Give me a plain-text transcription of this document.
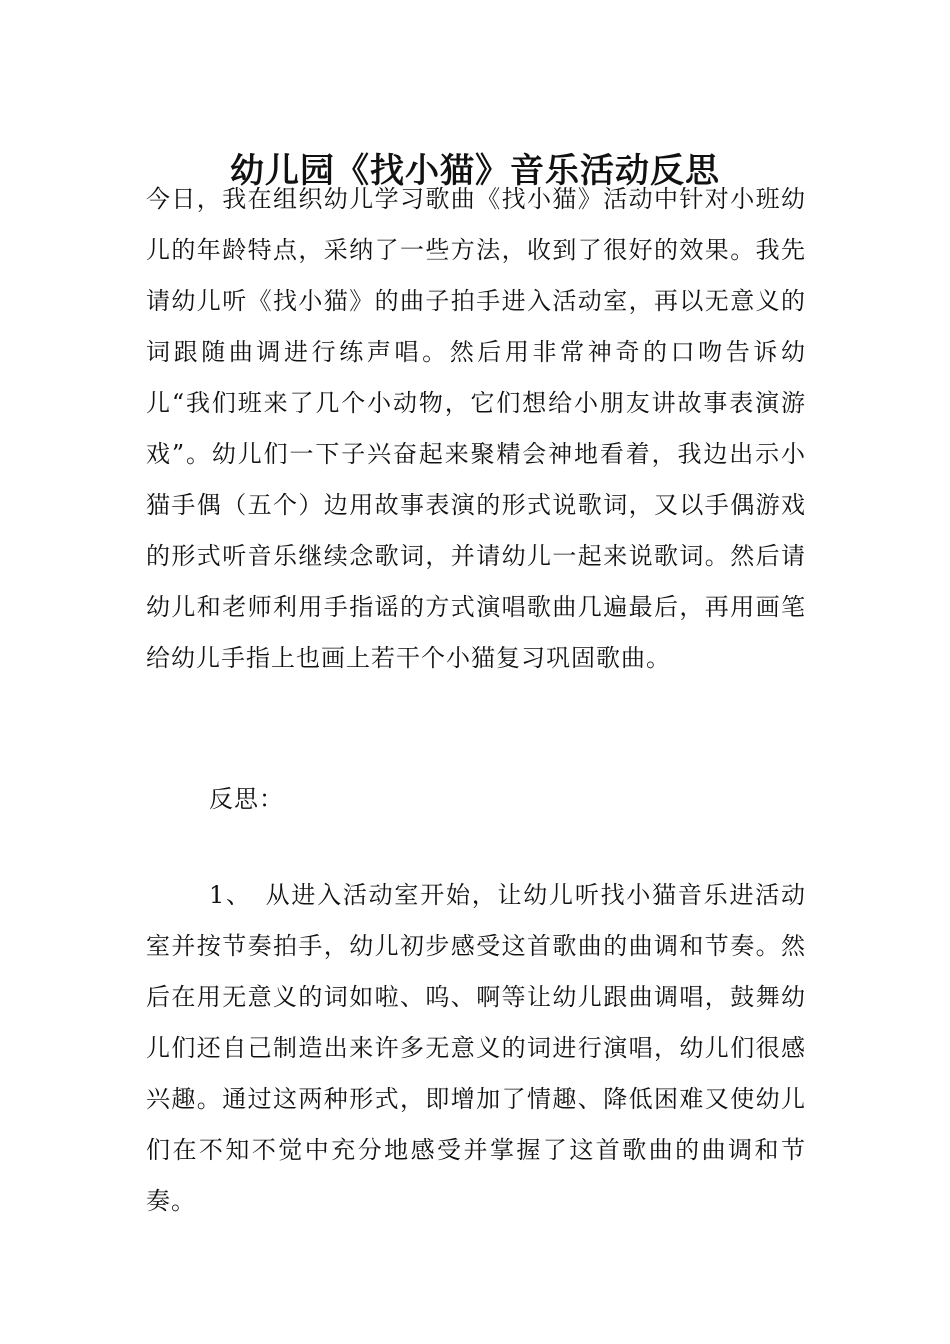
幼儿园《找小猫》音乐活动反思

今日，我在组织幼儿学习歌曲《找小猫》活动中针对小班幼儿的年龄特点，采纳了一些方法，收到了很好的效果。我先请幼儿听《找小猫》的曲子拍手进入活动室，再以无意义的词跟随曲调进行练声唱。然后用非常神奇的口吻告诉幼儿“我们班来了几个小动物，它们想给小朋友讲故事表演游戏”。幼儿们一下子兴奋起来聚精会神地看着，我边出示小猫手偶（五个）边用故事表演的形式说歌词，又以手偶游戏的形式听音乐继续念歌词，并请幼儿一起来说歌词。然后请幼儿和老师利用手指谣的方式演唱歌曲几遍最后，再用画笔给幼儿手指上也画上若干个小猫复习巩固歌曲。

反思：

1、　从进入活动室开始，让幼儿听找小猫音乐进活动室并按节奏拍手，幼儿初步感受这首歌曲的曲调和节奏。然后在用无意义的词如啦、呜、啊等让幼儿跟曲调唱，鼓舞幼儿们还自己制造出来许多无意义的词进行演唱，幼儿们很感兴趣。通过这两种形式，即增加了情趣、降低困难又使幼儿们在不知不觉中充分地感受并掌握了这首歌曲的曲调和节奏。
